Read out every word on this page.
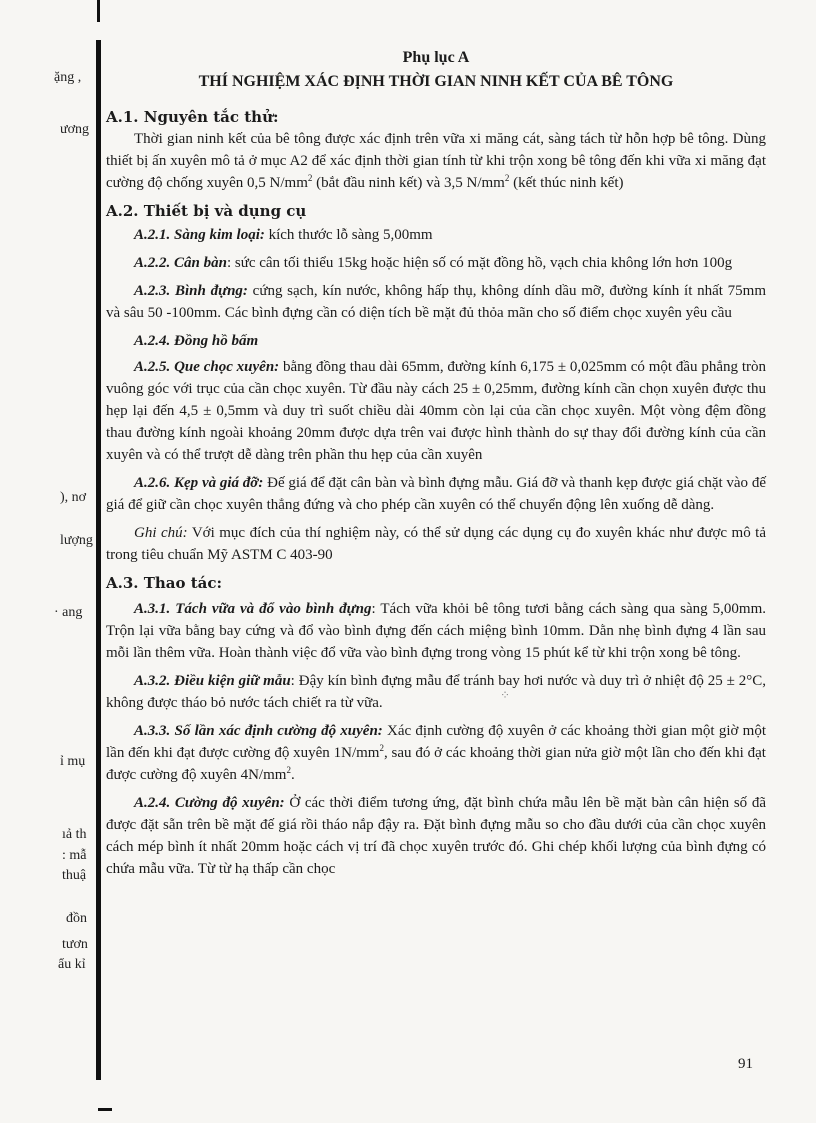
ặng ,
ương
), nơ
lượng
· ang
ỉ mụ
ıả th
: mẫ
thuậ
đồn
tươn
ẩu kỉ
⁘

Phụ lục A

THÍ NGHIỆM XÁC ĐỊNH THỜI GIAN NINH KẾT CỦA BÊ TÔNG

A.1. Nguyên tắc thử:

Thời gian ninh kết của bê tông được xác định trên vữa xi măng cát, sàng tách từ hỗn hợp bê tông. Dùng thiết bị ấn xuyên mô tả ở mục A2 để xác định thời gian tính từ khi trộn xong bê tông đến khi vữa xi măng đạt cường độ chống xuyên 0,5 $N/mm^2$ (bắt đầu ninh kết) và 3,5 $N/mm^2$ (kết thúc ninh kết)

A.2. Thiết bị và dụng cụ

A.2.1. Sàng kim loại: kích thước lỗ sàng 5,00mm

A.2.2. Cân bàn: sức cân tối thiểu 15kg hoặc hiện số có mặt đồng hồ, vạch chia không lớn hơn 100g

A.2.3. Bình đựng: cứng sạch, kín nước, không hấp thụ, không dính dầu mỡ, đường kính ít nhất 75mm và sâu 50 -100mm. Các bình đựng cần có diện tích bề mặt đủ thỏa mãn cho số điểm chọc xuyên yêu cầu

A.2.4. Đồng hồ bấm

A.2.5. Que chọc xuyên: bằng đồng thau dài 65mm, đường kính 6,175 ± 0,025mm có một đầu phẳng tròn vuông góc với trục của cần chọc xuyên. Từ đầu này cách 25 ± 0,25mm, đường kính cần chọn xuyên được thu hẹp lại đến 4,5 ± 0,5mm và duy trì suốt chiều dài 40mm còn lại của cần chọc xuyên. Một vòng đệm đồng thau đường kính ngoài khoảng 20mm được dựa trên vai được hình thành do sự thay đổi đường kính của cần xuyên và có thể trượt dễ dàng trên phần thu hẹp của cần xuyên

A.2.6. Kẹp và giá đỡ: Đế giá để đặt cân bàn và bình đựng mẫu. Giá đỡ và thanh kẹp được giá chặt vào đế giá để giữ cần chọc xuyên thẳng đứng và cho phép cần xuyên có thể chuyển động lên xuống dễ dàng.

Ghi chú: Với mục đích của thí nghiệm này, có thể sử dụng các dụng cụ đo xuyên khác như được mô tả trong tiêu chuẩn Mỹ ASTM C 403-90

A.3. Thao tác:

A.3.1. Tách vữa và đổ vào bình đựng: Tách vữa khỏi bê tông tươi bằng cách sàng qua sàng 5,00mm. Trộn lại vữa bằng bay cứng và đổ vào bình đựng đến cách miệng bình 10mm. Dằn nhẹ bình đựng 4 lần sau mỗi lần thêm vữa. Hoàn thành việc đổ vữa vào bình đựng trong vòng 15 phút kể từ khi trộn xong bê tông.

A.3.2. Điều kiện giữ mẫu: Đậy kín bình đựng mẫu để tránh bay hơi nước và duy trì ở nhiệt độ 25 ± 2°C, không được tháo bỏ nước tách chiết ra từ vữa.

A.3.3. Số lần xác định cường độ xuyên: Xác định cường độ xuyên ở các khoảng thời gian một giờ một lần đến khi đạt được cường độ xuyên $1N/mm^2$, sau đó ở các khoảng thời gian nửa giờ một lần cho đến khi đạt được cường độ xuyên $4N/mm^2$.

A.2.4. Cường độ xuyên: Ở các thời điểm tương ứng, đặt bình chứa mẫu lên bề mặt bàn cân hiện số đã được đặt sẵn trên bề mặt đế giá rồi tháo nắp đậy ra. Đặt bình đựng mẫu so cho đầu dưới của cần chọc xuyên cách mép bình ít nhất 20mm hoặc cách vị trí đã chọc xuyên trước đó. Ghi chép khối lượng của bình đựng có chứa mẫu vữa. Từ từ hạ thấp cần chọc

91
